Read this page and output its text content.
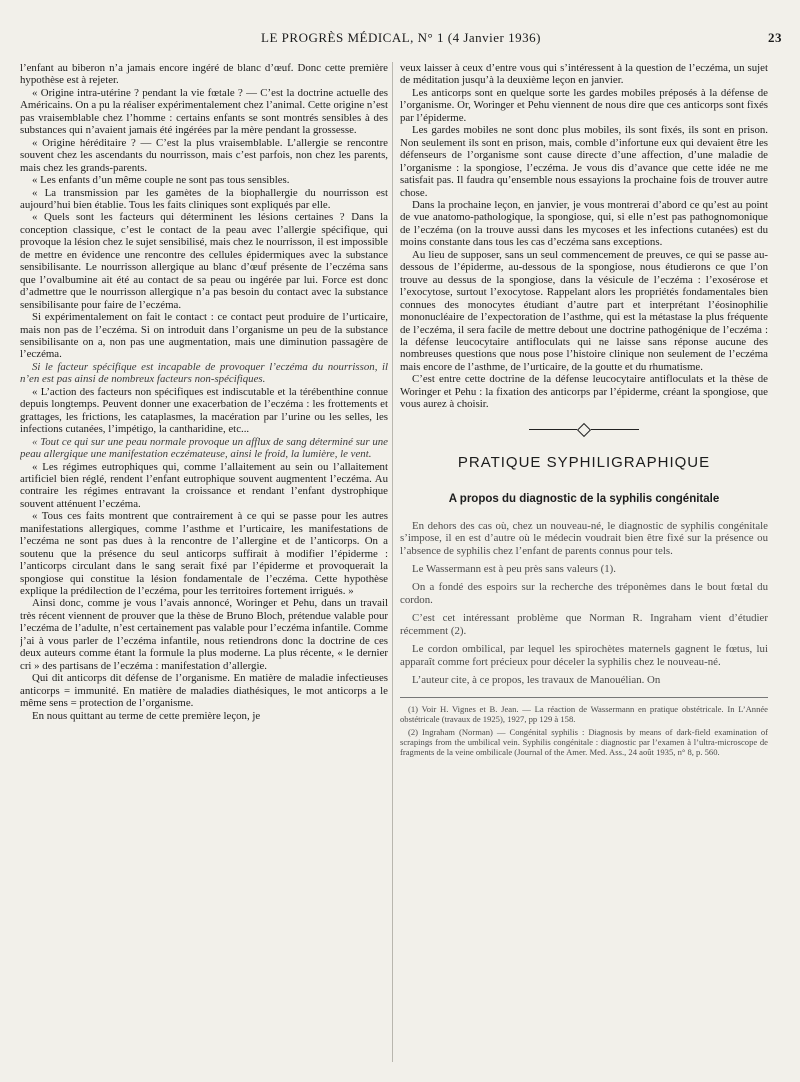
LE PROGRÈS MÉDICAL, N° 1 (4 Janvier 1936)	23

l’enfant au biberon n’a jamais encore ingéré de blanc d’œuf. Donc cette première hypothèse est à rejeter.

« Origine intra-utérine ? pendant la vie fœtale ? — C’est la doctrine actuelle des Américains. On a pu la réaliser expérimentalement chez l’animal. Cette origine n’est pas vraisemblable chez l’homme : certains enfants se sont montrés sensibles à des substances qui n’avaient jamais été ingérées par la mère pendant la grossesse.

« Origine héréditaire ? — C’est la plus vraisemblable. L’allergie se rencontre souvent chez les ascendants du nourrisson, mais c’est parfois, non chez les parents, mais chez les grands-parents.

« Les enfants d’un même couple ne sont pas tous sensibles.

« La transmission par les gamètes de la biophallergie du nourrisson est aujourd’hui bien établie. Tous les faits cliniques sont expliqués par elle.

« Quels sont les facteurs qui déterminent les lésions certaines ? Dans la conception classique, c’est le contact de la peau avec l’allergie spécifique, qui provoque la lésion chez le sujet sensibilisé, mais chez le nourrisson, il est impossible de mettre en évidence une rencontre des cellules épidermiques avec la substance sensibilisante. Le nourrisson allergique au blanc d’œuf présente de l’eczéma sans que l’ovalbumine ait été au contact de sa peau ou ingérée par lui. Force est donc d’admettre que le nourrisson allergique n’a pas besoin du contact avec la substance sensibilisante pour faire de l’eczéma.

Si expérimentalement on fait le contact : ce contact peut produire de l’urticaire, mais non pas de l’eczéma. Si on introduit dans l’organisme un peu de la substance sensibilisante on a, non pas une augmentation, mais une diminution passagère de l’eczéma.

Si le facteur spécifique est incapable de provoquer l’eczéma du nourrisson, il n’en est pas ainsi de nombreux facteurs non-spécifiques.

« L’action des facteurs non spécifiques est indiscutable et la térébenthine connue depuis longtemps. Peuvent donner une exacerbation de l’eczéma : les frottements et grattages, les frictions, les cataplasmes, la macération par l’urine ou les selles, les infections cutanées, l’impétigo, la cantharidine, etc...

« Tout ce qui sur une peau normale provoque un afflux de sang déterminé sur une peau allergique une manifestation eczémateuse, ainsi le froid, la lumière, le vent.

« Les régimes eutrophiques qui, comme l’allaitement au sein ou l’allaitement artificiel bien réglé, rendent l’enfant eutrophique souvent augmentent l’eczéma. Au contraire les régimes entravant la croissance et rendant l’enfant dystrophique souvent atténuent l’eczéma.

« Tous ces faits montrent que contrairement à ce qui se passe pour les autres manifestations allergiques, comme l’asthme et l’urticaire, les manifestations de l’eczéma ne sont pas dues à la rencontre de l’allergine et de l’anticorps. On a soutenu que la présence du seul anticorps suffirait à modifier l’épiderme : l’anticorps circulant dans le sang serait fixé par l’épiderme et provoquerait la spongiose qui constitue la lésion fondamentale de l’eczéma. Cette hypothèse explique la prédilection de l’eczéma, pour les territoires fortement irrigués. »

Ainsi donc, comme je vous l’avais annoncé, Woringer et Pehu, dans un travail très récent viennent de prouver que la thèse de Bruno Bloch, prétendue valable pour l’eczéma de l’adulte, n’est certainement pas valable pour l’eczéma infantile. Comme j’ai à vous parler de l’eczéma infantile, nous retiendrons donc la doctrine de ces deux auteurs comme étant la formule la plus moderne. La plus récente, « le dernier cri » des partisans de l’eczéma : manifestation d’allergie.

Qui dit anticorps dit défense de l’organisme. En matière de maladie infectieuses anticorps = immunité. En matière de maladies diathésiques, le mot anticorps a le même sens = protection de l’organisme.

En nous quittant au terme de cette première leçon, je

veux laisser à ceux d’entre vous qui s’intéressent à la question de l’eczéma, un sujet de méditation jusqu’à la deuxième leçon en janvier.

Les anticorps sont en quelque sorte les gardes mobiles préposés à la défense de l’organisme. Or, Woringer et Pehu viennent de nous dire que ces anticorps sont fixés par l’épiderme.

Les gardes mobiles ne sont donc plus mobiles, ils sont fixés, ils sont en prison. Non seulement ils sont en prison, mais, comble d’infortune eux qui devaient être les défenseurs de l’organisme sont cause directe d’une affection, d’une maladie de l’organisme : la spongiose, l’eczéma. Je vous dis d’avance que cette idée ne me satisfait pas. Il faudra qu’ensemble nous essayions la prochaine fois de trouver autre chose.

Dans la prochaine leçon, en janvier, je vous montrerai d’abord ce qu’est au point de vue anatomo-pathologique, la spongiose, qui, si elle n’est pas pathognomonique de l’eczéma (on la trouve aussi dans les mycoses et les infections cutanées) est du moins constante dans tous les cas d’eczéma sans exceptions.

Au lieu de supposer, sans un seul commencement de preuves, ce qui se passe au-dessous de l’épiderme, au-dessous de la spongiose, nous étudierons ce que l’on trouve au dessus de la spongiose, dans la vésicule de l’eczéma : l’exosérose et l’exocytose, surtout l’exocytose. Rappelant alors les propriétés fondamentales bien connues des monocytes étudiant d’autre part et interprétant l’éosinophilie mononucléaire de l’expectoration de l’asthme, qui est la métastase la plus fréquente de l’eczéma, il sera facile de mettre debout une doctrine pathogénique de l’eczéma : la défense leucocytaire antifloculats qui ne laisse sans réponse aucune des nombreuses questions que nous pose l’histoire clinique non seulement de l’eczéma mais encore de l’asthme, de l’urticaire, de la goutte et du rhumatisme.

C’est entre cette doctrine de la défense leucocytaire antifloculats et la thèse de Woringer et Pehu : la fixation des anticorps par l’épiderme, créant la spongiose, que vous aurez à choisir.

PRATIQUE SYPHILIGRAPHIQUE
A propos du diagnostic de la syphilis congénitale

En dehors des cas où, chez un nouveau-né, le diagnostic de syphilis congénitale s’impose, il en est d’autre où le médecin voudrait bien être fixé sur la présence ou l’absence de syphilis chez l’enfant de parents connus pour tels.

Le Wassermann est à peu près sans valeurs (1).

On a fondé des espoirs sur la recherche des tréponèmes dans le bout fœtal du cordon.

C’est cet intéressant problème que Norman R. Ingraham vient d’étudier récemment (2).

Le cordon ombilical, par lequel les spirochètes maternels gagnent le fœtus, lui apparaît comme fort précieux pour déceler la syphilis chez le nouveau-né.

L’auteur cite, à ce propos, les travaux de Manouélian. On

(1) Voir H. Vignes et B. Jean. — La réaction de Wassermann en pratique obstétricale. In L’Année obstétricale (travaux de 1925), 1927, pp 129 à 158.

(2) Ingraham (Norman) — Congénital syphilis : Diagnosis by means of dark-field examination of scrapings from the umbilical vein. Syphilis congénitale : diagnostic par l’examen à l’ultra-microscope de fragments de la veine ombilicale (Journal of the Amer. Med. Ass., 24 août 1935, n° 8, p. 560.
